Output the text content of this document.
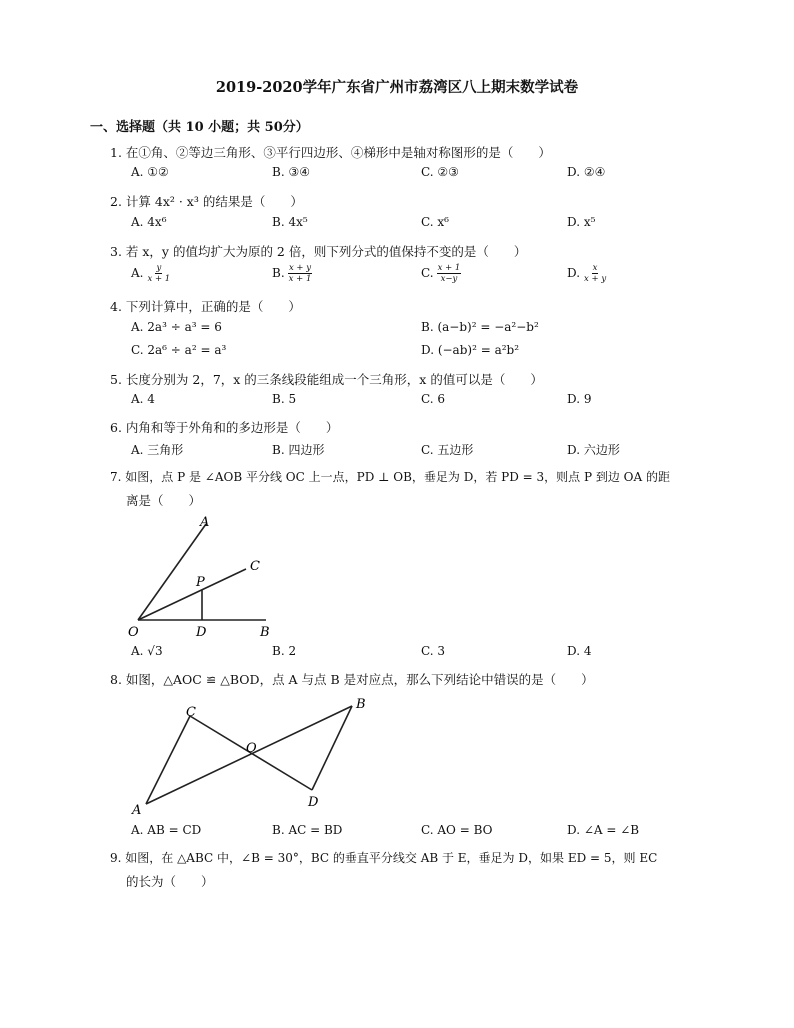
2019-2020学年广东省广州市荔湾区八上期末数学试卷
一、选择题（共 10 小题；共 50分）
1. 在①角、②等边三角形、③平行四边形、④梯形中是轴对称图形的是（　　）
A. ①②	B. ③④	C. ②③	D. ②④
2. 计算 4x² · x³ 的结果是（　　）
A. 4x⁶	B. 4x⁵	C. x⁶	D. x⁵
3. 若 x，y 的值均扩大为原的 2 倍，则下列分式的值保持不变的是（　　）
A. $\frac{y}{x + 1}$	B. $\frac{x + y}{x + 1}$	C. $\frac{x + 1}{x-y}$	D. $\frac{x}{x + y}$
4. 下列计算中，正确的是（　　）
A. 2a³ ÷ a³ = 6	B. (a−b)² = −a²−b²
C. 2a⁶ ÷ a² = a³	D. (−ab)² = a²b²
5. 长度分别为 2，7，x 的三条线段能组成一个三角形，x 的值可以是（　　）
A. 4	B. 5	C. 6	D. 9
6. 内角和等于外角和的多边形是（　　）
A. 三角形	B. 四边形	C. 五边形	D. 六边形
7. 如图，点 P 是 ∠AOB 平分线 OC 上一点，PD ⊥ OB，垂足为 D，若 PD = 3，则点 P 到边 OA 的距
离是（　　）
A
C
P
O	D	B
A. √3	B. 2	C. 3	D. 4
8. 如图，△AOC ≌ △BOD，点 A 与点 B 是对应点，那么下列结论中错误的是（　　）
C
B
O
A
D
A. AB = CD	B. AC = BD	C. AO = BO	D. ∠A = ∠B
9. 如图，在 △ABC 中，∠B = 30°，BC 的垂直平分线交 AB 于 E，垂足为 D，如果 ED = 5，则 EC
的长为（　　）
